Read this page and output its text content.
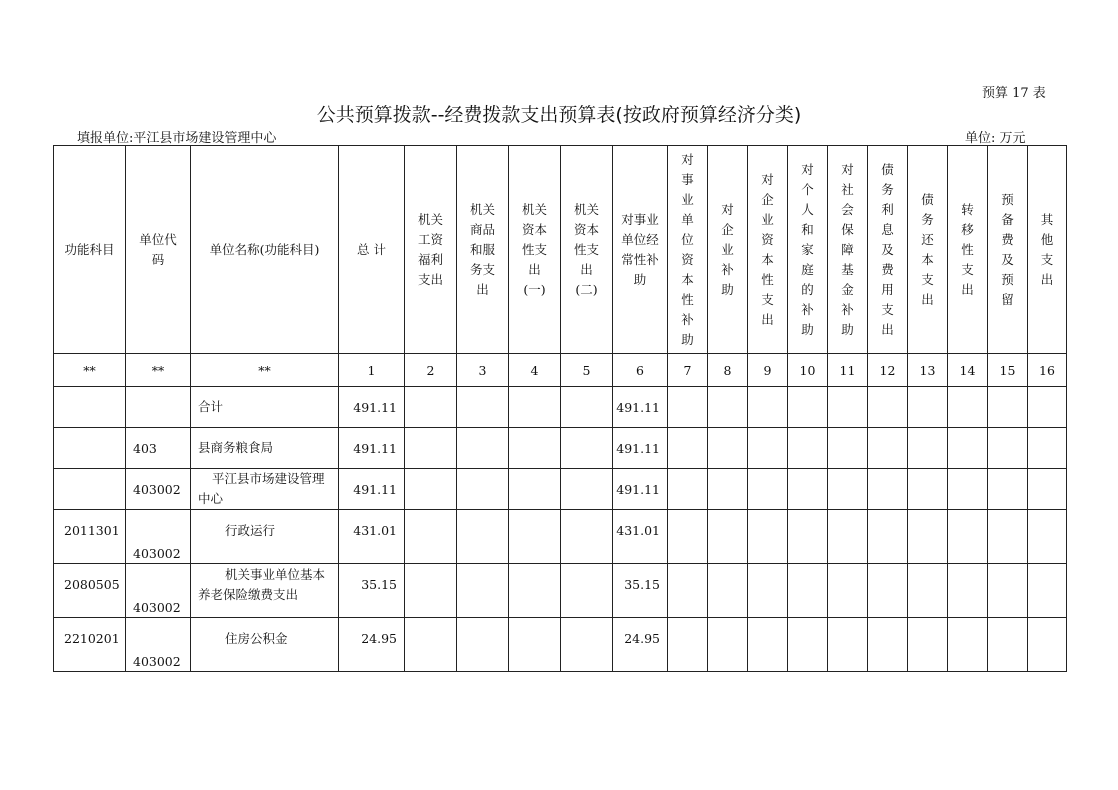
预算 17 表
公共预算拨款--经费拨款支出预算表(按政府预算经济分类)
填报单位:平江县市场建设管理中心	单位: 万元
功能科目	单位代码	单位名称(功能科目)	总 计	机关工资福利支出	机关商品和服务支出	机关资本性支出(一)	机关资本性支出(二)	对事业单位经常性补助	对事业单位资本性补助	对企业补助	对企业资本性支出	对个人和家庭的补助	对社会保障基金补助	债务利息及费用支出	债务还本支出	转移性支出	预备费及预留	其他支出
**	**	**	1	2	3	4	5	6	7	8	9	10	11	12	13	14	15	16
		合计	491.11					491.11										
	403	县商务粮食局	491.11					491.11										
	403002	平江县市场建设管理中心	491.11					491.11										
2011301	403002	行政运行	431.01					431.01										
2080505	403002	机关事业单位基本养老保险缴费支出	35.15					35.15										
2210201	403002	住房公积金	24.95					24.95										
